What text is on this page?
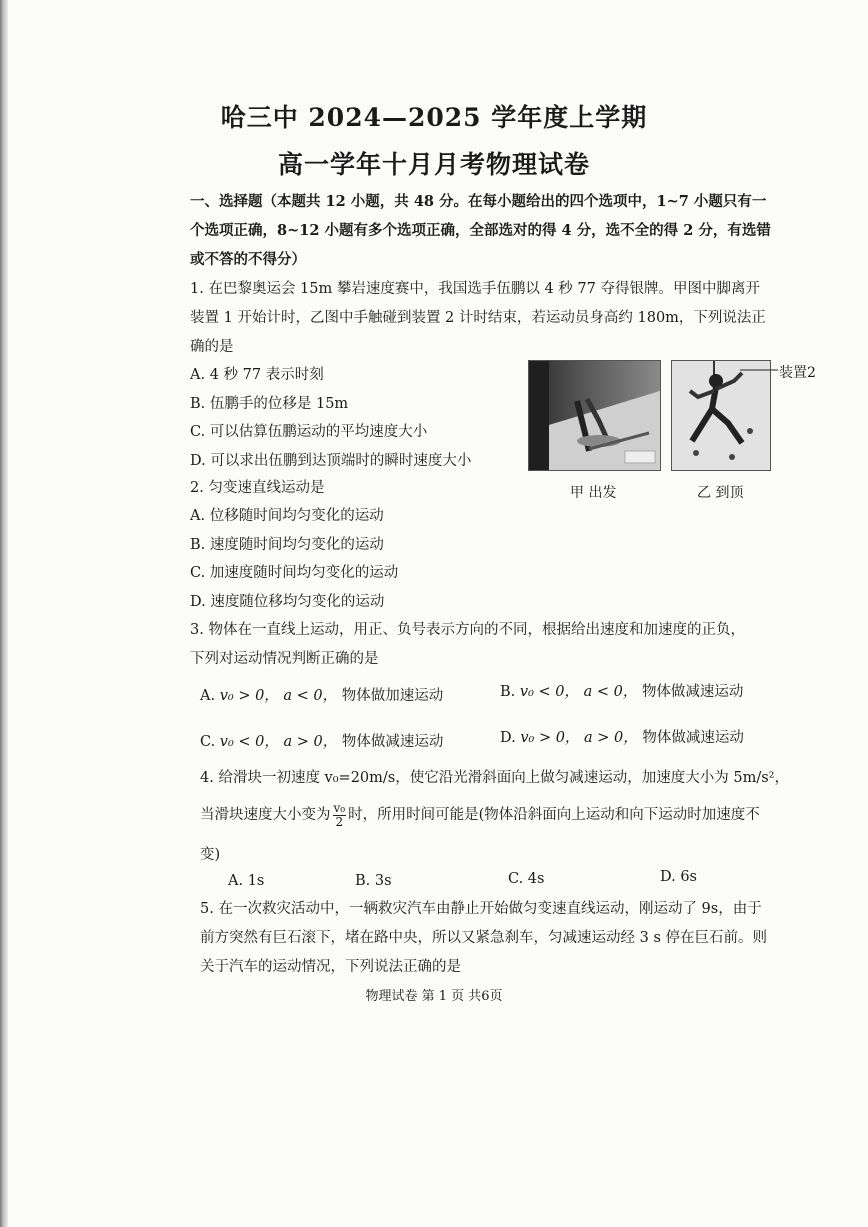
哈三中 2024—2025 学年度上学期
高一学年十月月考物理试卷
一、选择题（本题共 12 小题，共 48 分。在每小题给出的四个选项中，1~7 小题只有一
个选项正确，8~12 小题有多个选项正确，全部选对的得 4 分，选不全的得 2 分，有选错
或不答的不得分）
1. 在巴黎奥运会 15m 攀岩速度赛中，我国选手伍鹏以 4 秒 77 夺得银牌。甲图中脚离开
装置 1 开始计时，乙图中手触碰到装置 2 计时结束，若运动员身高约 180m，下列说法正
确的是
A. 4 秒 77 表示时刻
B. 伍鹏手的位移是 15m
C. 可以估算伍鹏运动的平均速度大小
D. 可以求出伍鹏到达顶端时的瞬时速度大小
装置2
甲 出发	乙 到顶
2. 匀变速直线运动是
A. 位移随时间均匀变化的运动
B. 速度随时间均匀变化的运动
C. 加速度随时间均匀变化的运动
D. 速度随位移均匀变化的运动
3. 物体在一直线上运动，用正、负号表示方向的不同，根据给出速度和加速度的正负，
下列对运动情况判断正确的是
A. v₀ > 0， a < 0， 物体做加速运动	B. v₀ < 0， a < 0， 物体做减速运动
C. v₀ < 0， a > 0， 物体做减速运动	D. v₀ > 0， a > 0， 物体做减速运动
4. 给滑块一初速度 v₀=20m/s，使它沿光滑斜面向上做匀减速运动，加速度大小为 5m/s²，
当滑块速度大小变为 $\frac{\text{v₀}}{2}$ 时，所用时间可能是(物体沿斜面向上运动和向下运动时加速度不
变)
A. 1s	B. 3s	C. 4s	D. 6s
5. 在一次救灾活动中，一辆救灾汽车由静止开始做匀变速直线运动，刚运动了 9s，由于
前方突然有巨石滚下，堵在路中央，所以又紧急刹车，匀减速运动经 3 s 停在巨石前。则
关于汽车的运动情况，下列说法正确的是
物理试卷 第 1 页 共6页
